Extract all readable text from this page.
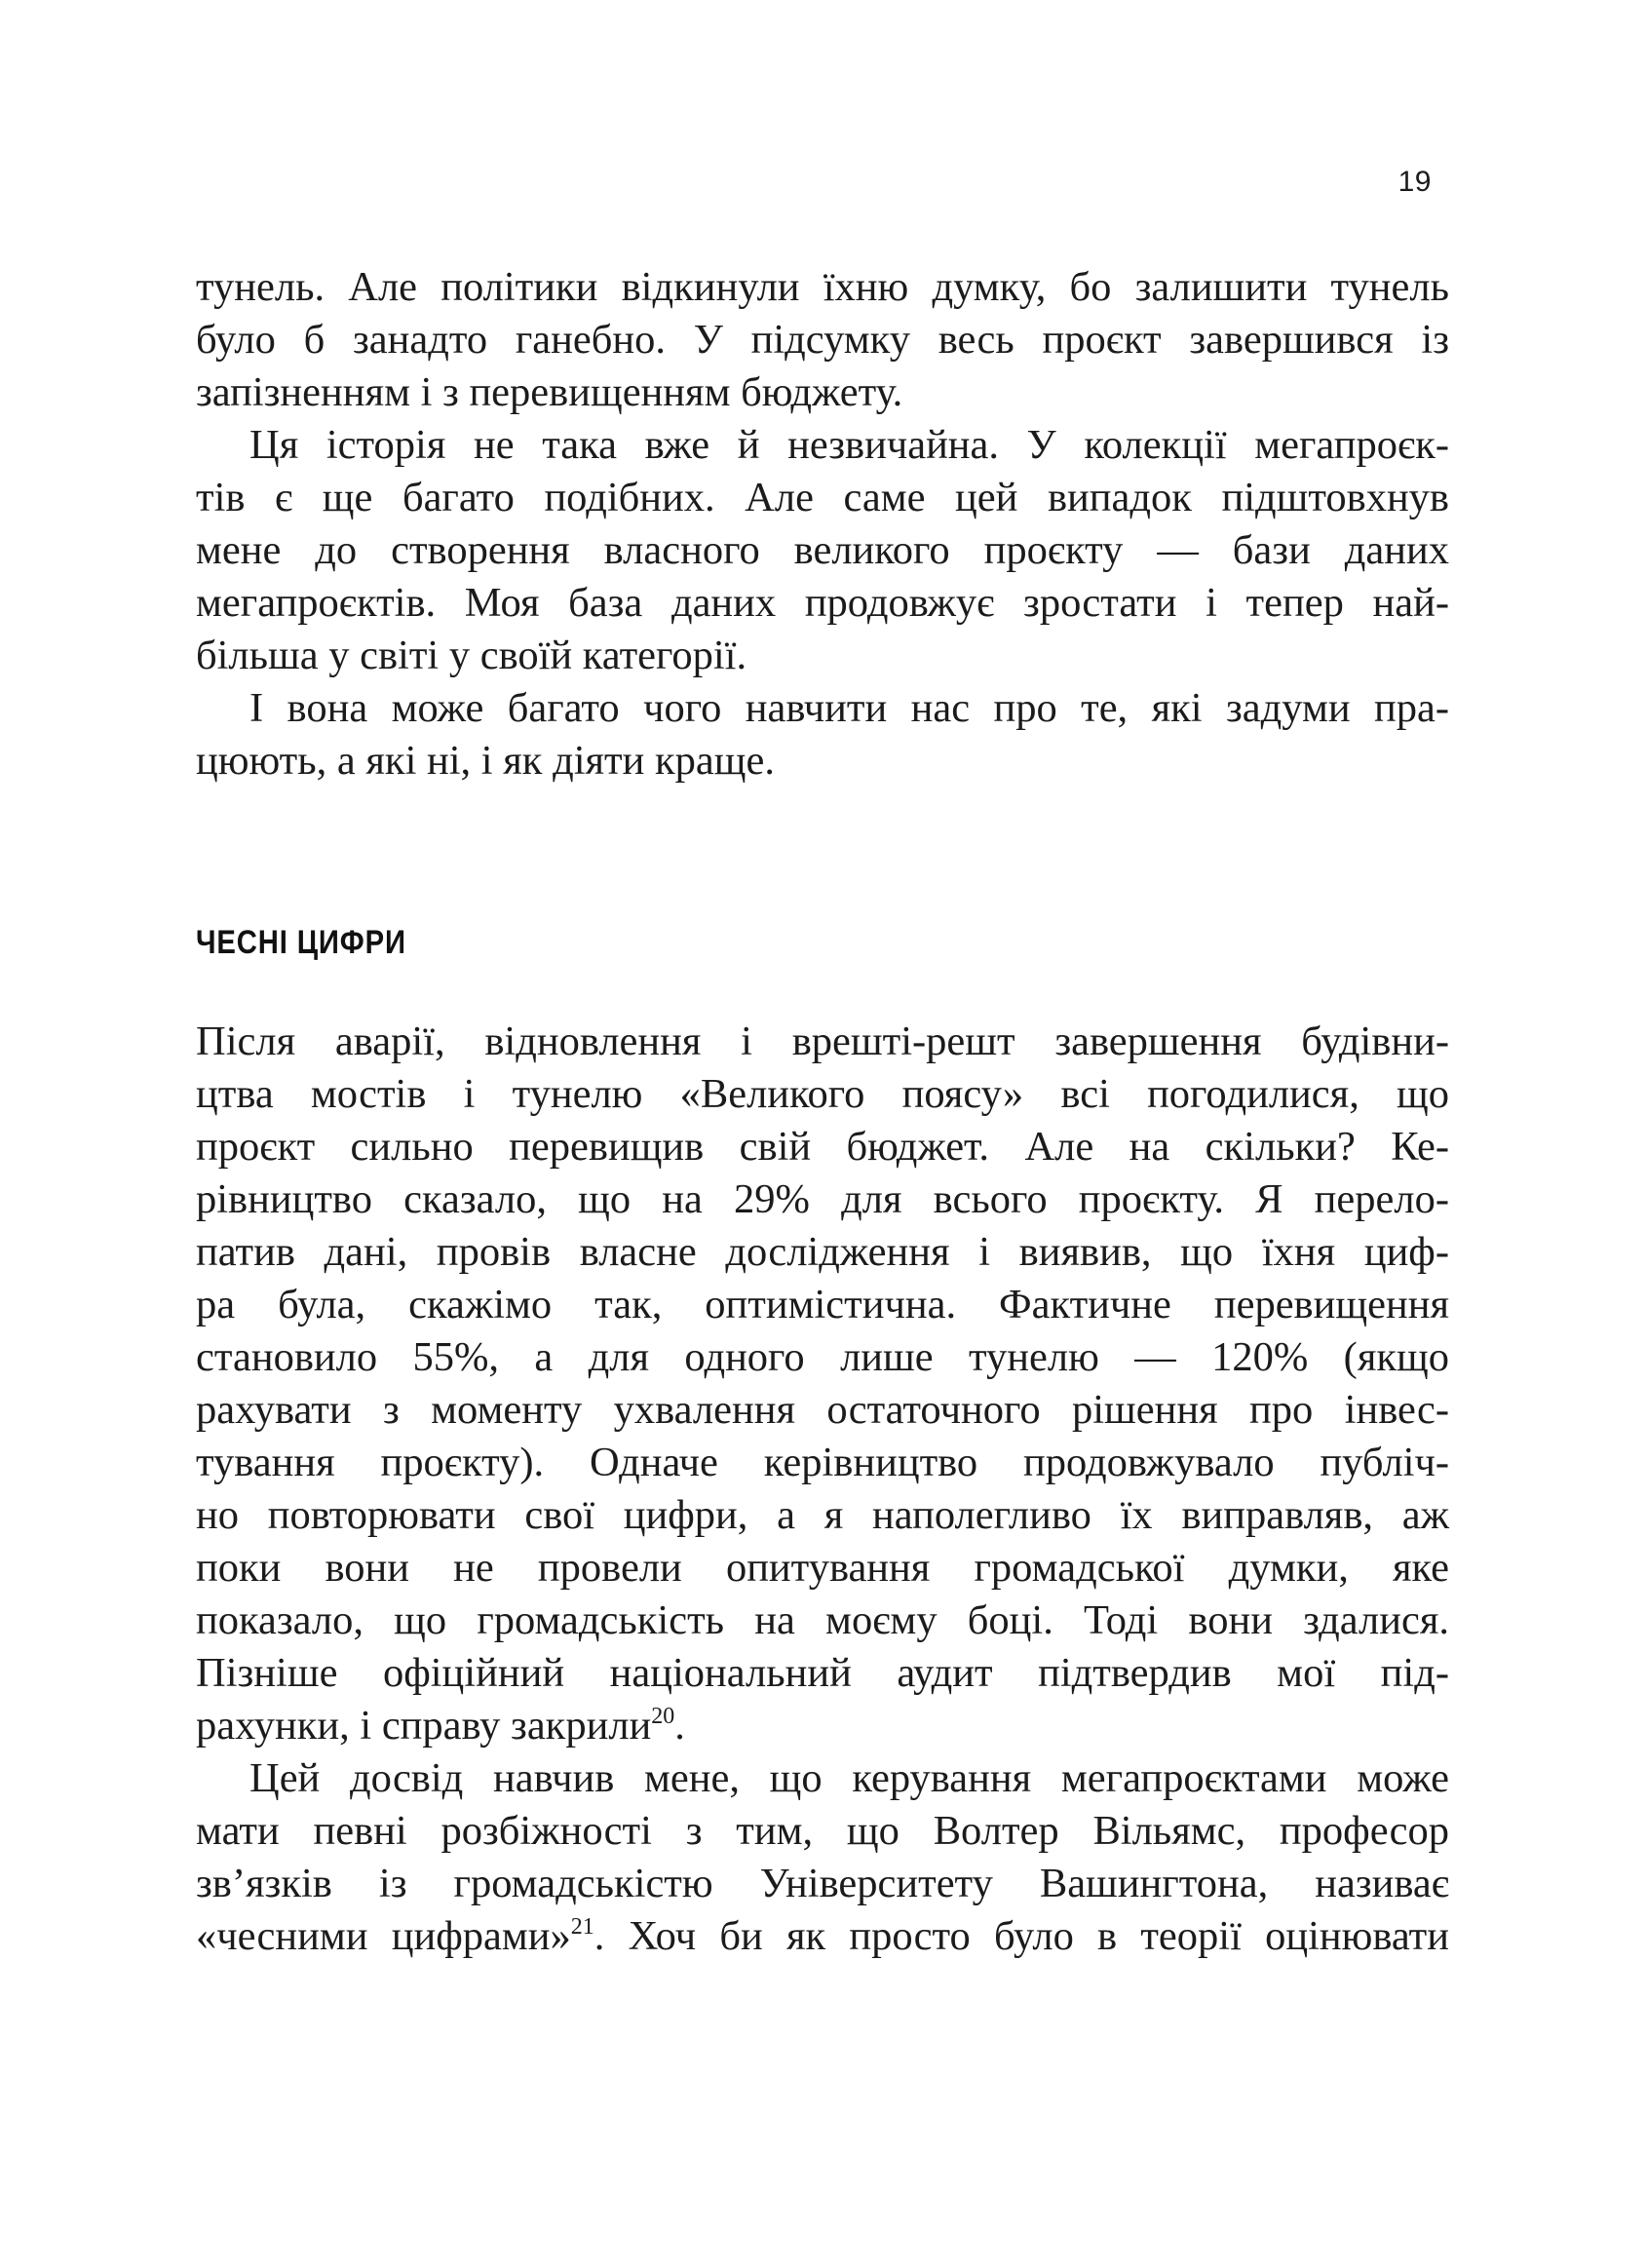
19
тунель. Але політики відкинули їхню думку, бо залишити тунель
було б занадто ганебно. У підсумку весь проєкт завершився із
запізненням і з перевищенням бюджету.
Ця історія не така вже й незвичайна. У колекції мегапроєк-
тів є ще багато подібних. Але саме цей випадок підштовхнув
мене до створення власного великого проєкту — бази даних
мегапроєктів. Моя база даних продовжує зростати і тепер най-
більша у світі у своїй категорії.
І вона може багато чого навчити нас про те, які задуми пра-
цюють, а які ні, і як діяти краще.
ЧЕСНІ ЦИФРИ
Після аварії, відновлення і врешті-решт завершення будівни-
цтва мостів і тунелю «Великого поясу» всі погодилися, що
проєкт сильно перевищив свій бюджет. Але на скільки? Ке-
рівництво сказало, що на 29% для всього проєкту. Я перело-
патив дані, провів власне дослідження і виявив, що їхня циф-
ра була, скажімо так, оптимістична. Фактичне перевищення
становило 55%, а для одного лише тунелю — 120% (якщо
рахувати з моменту ухвалення остаточного рішення про інвес-
тування проєкту). Одначе керівництво продовжувало публіч-
но повторювати свої цифри, а я наполегливо їх виправляв, аж
поки вони не провели опитування громадської думки, яке
показало, що громадськість на моєму боці. Тоді вони здалися.
Пізніше офіційний національний аудит підтвердив мої під-
рахунки, і справу закрили$^{20}$.
Цей досвід навчив мене, що керування мегапроєктами може
мати певні розбіжності з тим, що Волтер Вільямс, професор
зв’язків із громадськістю Університету Вашингтона, називає
«чесними цифрами»$^{21}$. Хоч би як просто було в теорії оцінювати
